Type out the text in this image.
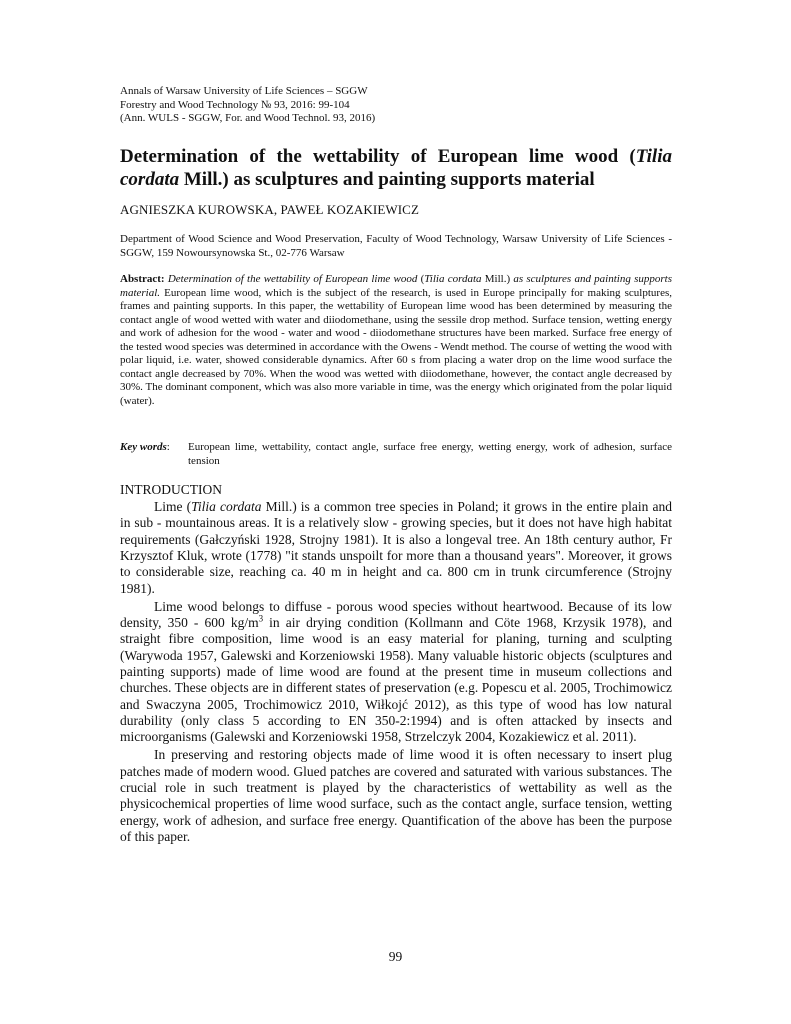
Annals of Warsaw University of Life Sciences – SGGW
Forestry and Wood Technology № 93, 2016: 99-104
(Ann. WULS - SGGW, For. and Wood Technol. 93, 2016)
Determination of the wettability of European lime wood (Tilia cordata Mill.) as sculptures and painting supports material
AGNIESZKA KUROWSKA, PAWEŁ KOZAKIEWICZ

Department of Wood Science and Wood Preservation, Faculty of Wood Technology, Warsaw University of Life Sciences - SGGW, 159 Nowoursynowska St., 02-776 Warsaw

Abstract: Determination of the wettability of European lime wood (Tilia cordata Mill.) as sculptures and painting supports material. European lime wood, which is the subject of the research, is used in Europe principally for making sculptures, frames and painting supports. In this paper, the wettability of European lime wood has been determined by measuring the contact angle of wood wetted with water and diiodomethane, using the sessile drop method. Surface tension, wetting energy and work of adhesion for the wood - water and wood - diiodomethane structures have been marked. Surface free energy of the tested wood species was determined in accordance with the Owens - Wendt method. The course of wetting the wood with polar liquid, i.e. water, showed considerable dynamics. After 60 s from placing a water drop on the lime wood surface the contact angle decreased by 70%. When the wood was wetted with diiodomethane, however, the contact angle decreased by 30%. The dominant component, which was also more variable in time, was the energy which originated from the polar liquid (water).

Key words: European lime, wettability, contact angle, surface free energy, wetting energy, work of adhesion, surface tension
INTRODUCTION

Lime (Tilia cordata Mill.) is a common tree species in Poland; it grows in the entire plain and in sub - mountainous areas. It is a relatively slow - growing species, but it does not have high habitat requirements (Gałczyński 1928, Strojny 1981). It is also a longeval tree. An 18th century author, Fr Krzysztof Kluk, wrote (1778) "it stands unspoilt for more than a thousand years". Moreover, it grows to considerable size, reaching ca. 40 m in height and ca. 800 cm in trunk circumference (Strojny 1981).

Lime wood belongs to diffuse - porous wood species without heartwood. Because of its low density, 350 - 600 $kg/m^3$ in air drying condition (Kollmann and Cöte 1968, Krzysik 1978), and straight fibre composition, lime wood is an easy material for planing, turning and sculpting (Warywoda 1957, Galewski and Korzeniowski 1958). Many valuable historic objects (sculptures and painting supports) made of lime wood are found at the present time in museum collections and churches. These objects are in different states of preservation (e.g. Popescu et al. 2005, Trochimowicz and Swaczyna 2005, Trochimowicz 2010, Wiłkojć 2012), as this type of wood has low natural durability (only class 5 according to EN 350-2:1994) and is often attacked by insects and microorganisms (Galewski and Korzeniowski 1958, Strzelczyk 2004, Kozakiewicz et al. 2011).

In preserving and restoring objects made of lime wood it is often necessary to insert plug patches made of modern wood. Glued patches are covered and saturated with various substances. The crucial role in such treatment is played by the characteristics of wettability as well as the physicochemical properties of lime wood surface, such as the contact angle, surface tension, wetting energy, work of adhesion, and surface free energy. Quantification of the above has been the purpose of this paper.

99
